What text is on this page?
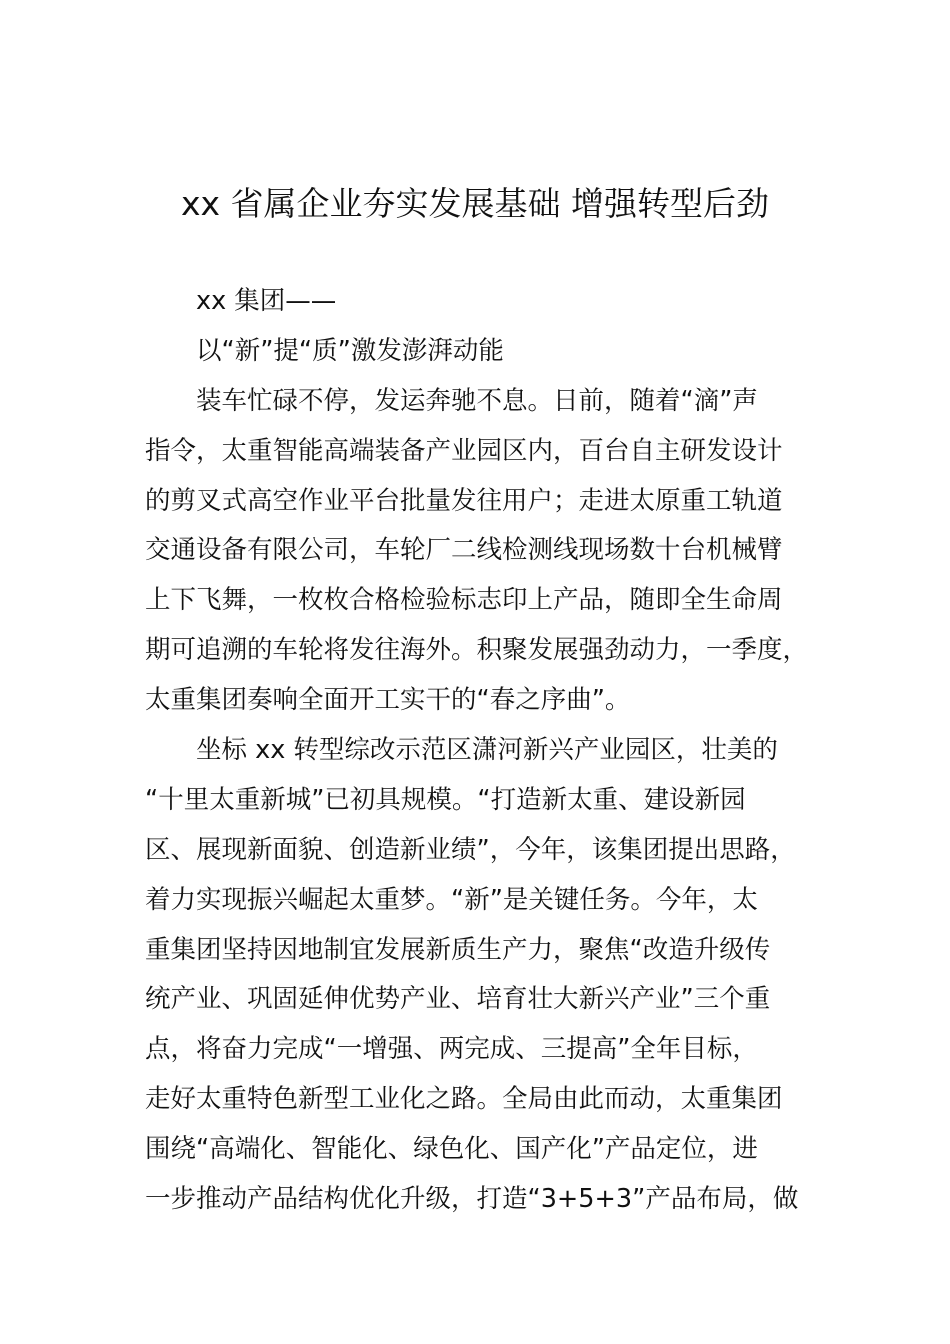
xx 省属企业夯实发展基础 增强转型后劲
xx 集团——
以“新”提“质”激发澎湃动能
装车忙碌不停，发运奔驰不息。日前，随着“滴”声
指令，太重智能高端装备产业园区内，百台自主研发设计
的剪叉式高空作业平台批量发往用户；走进太原重工轨道
交通设备有限公司，车轮厂二线检测线现场数十台机械臂
上下飞舞，一枚枚合格检验标志印上产品，随即全生命周
期可追溯的车轮将发往海外。积聚发展强劲动力，一季度，
太重集团奏响全面开工实干的“春之序曲”。
坐标 xx 转型综改示范区潇河新兴产业园区，壮美的
“十里太重新城”已初具规模。“打造新太重、建设新园
区、展现新面貌、创造新业绩”，今年，该集团提出思路，
着力实现振兴崛起太重梦。“新”是关键任务。今年，太
重集团坚持因地制宜发展新质生产力，聚焦“改造升级传
统产业、巩固延伸优势产业、培育壮大新兴产业”三个重
点，将奋力完成“一增强、两完成、三提高”全年目标，
走好太重特色新型工业化之路。全局由此而动，太重集团
围绕“高端化、智能化、绿色化、国产化”产品定位，进
一步推动产品结构优化升级，打造“3+5+3”产品布局，做
